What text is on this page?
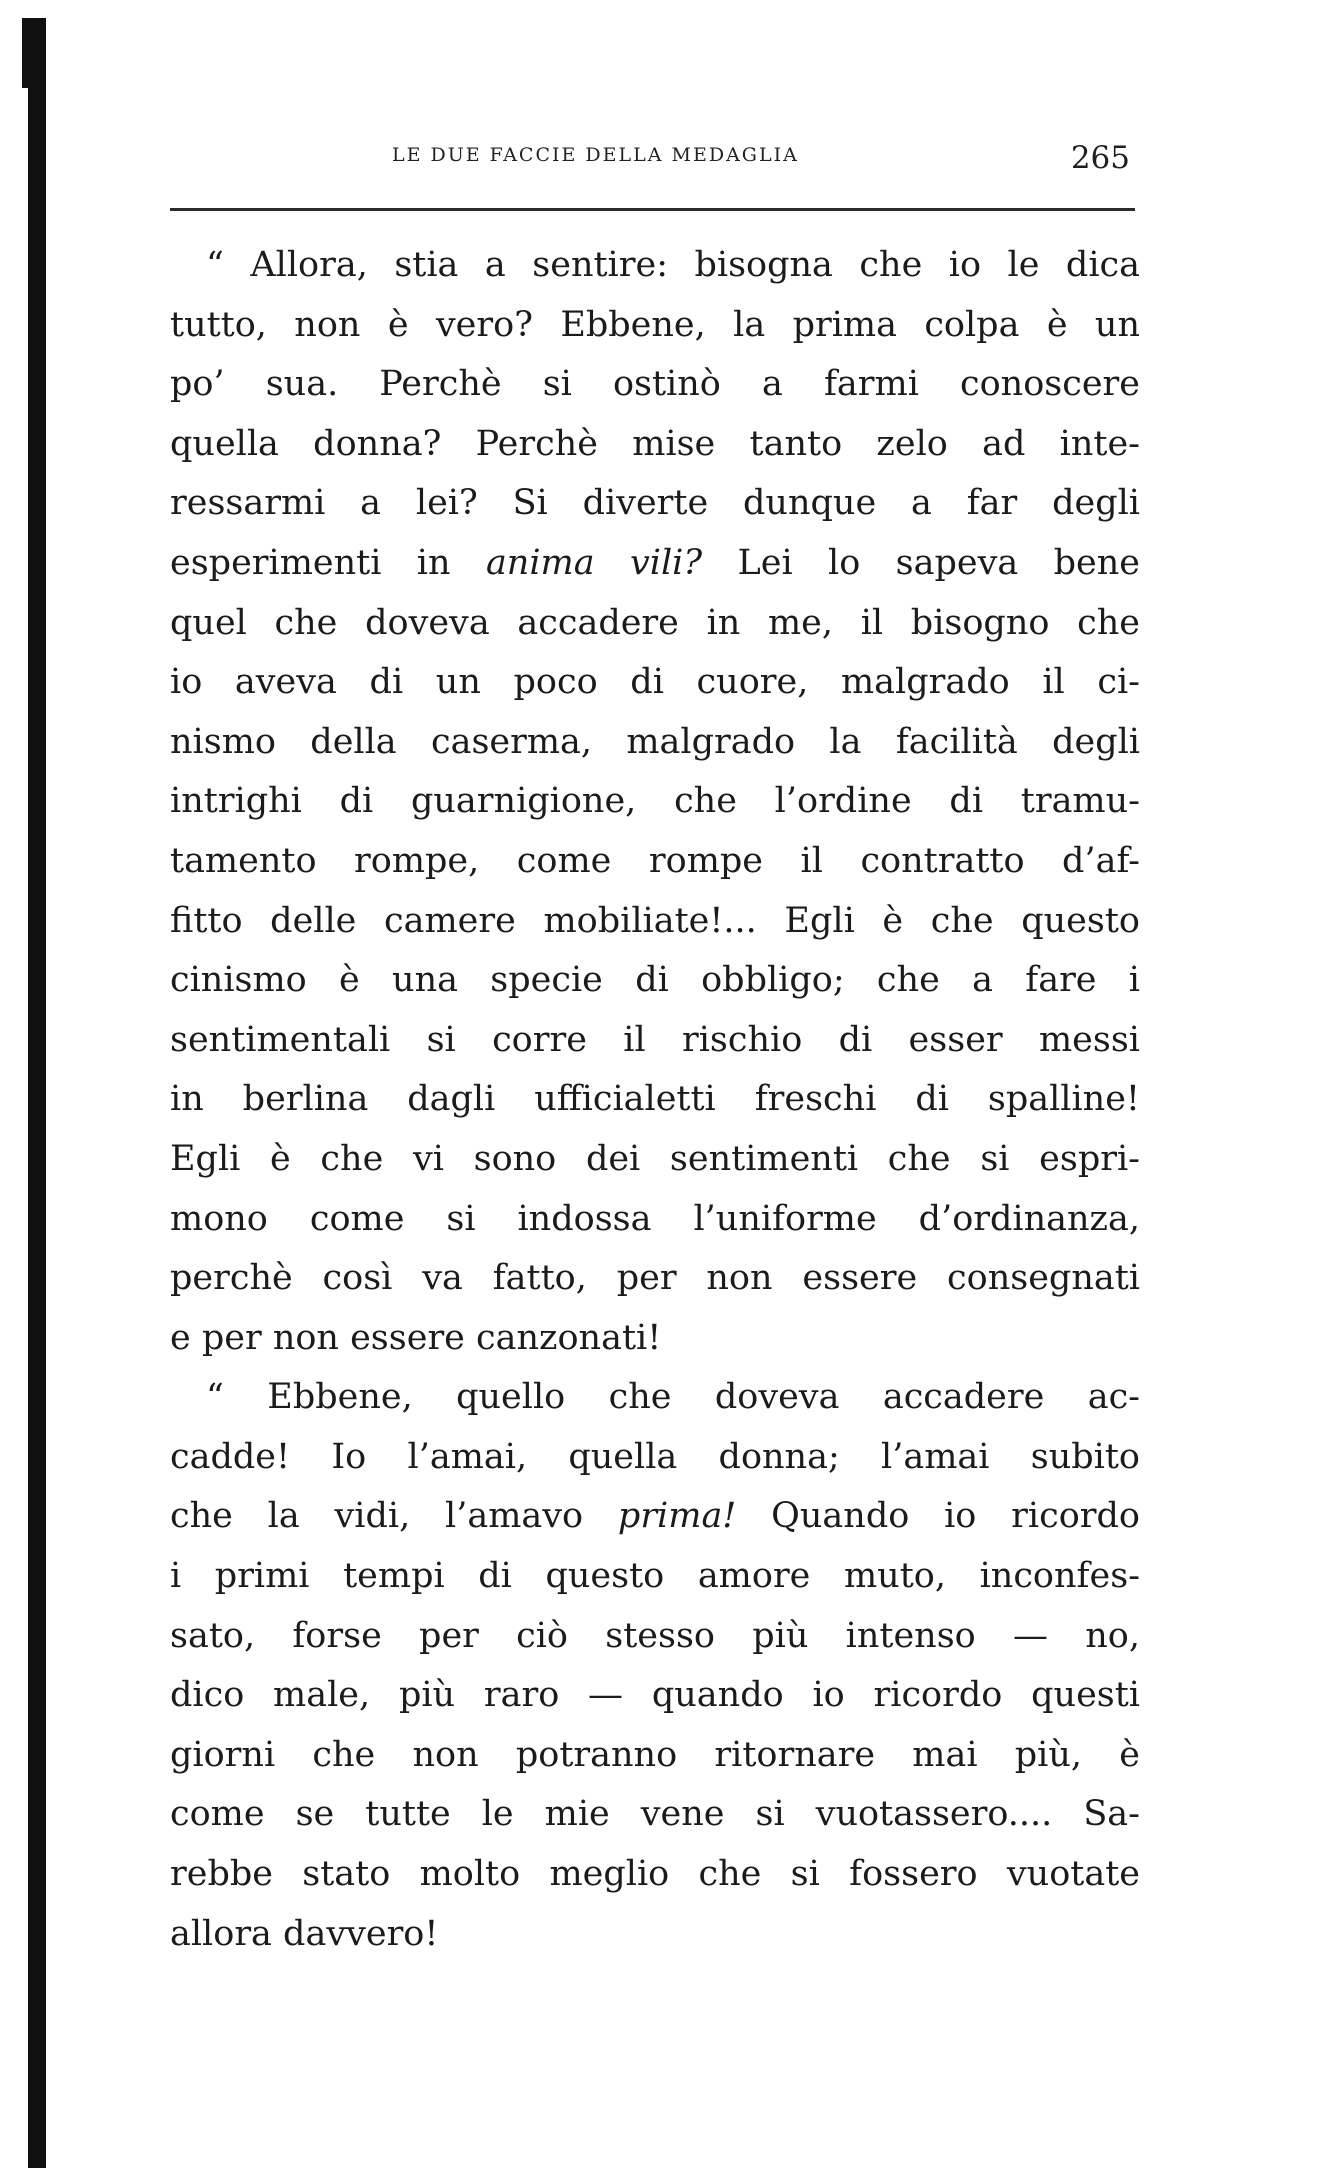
LE DUE FACCIE DELLA MEDAGLIA	265
“ Allora, stia a sentire: bisogna che io le dica
tutto, non è vero? Ebbene, la prima colpa è un
po’ sua. Perchè si ostinò a farmi conoscere
quella donna? Perchè mise tanto zelo ad inte-
ressarmi a lei? Si diverte dunque a far degli
esperimenti in anima vili? Lei lo sapeva bene
quel che doveva accadere in me, il bisogno che
io aveva di un poco di cuore, malgrado il ci-
nismo della caserma, malgrado la facilità degli
intrighi di guarnigione, che l’ordine di tramu-
tamento rompe, come rompe il contratto d’af-
fitto delle camere mobiliate!... Egli è che questo
cinismo è una specie di obbligo; che a fare i
sentimentali si corre il rischio di esser messi
in berlina dagli ufficialetti freschi di spalline!
Egli è che vi sono dei sentimenti che si espri-
mono come si indossa l’uniforme d’ordinanza,
perchè così va fatto, per non essere consegnati
e per non essere canzonati!
“ Ebbene, quello che doveva accadere ac-
cadde! Io l’amai, quella donna; l’amai subito
che la vidi, l’amavo prima! Quando io ricordo
i primi tempi di questo amore muto, inconfes-
sato, forse per ciò stesso più intenso — no,
dico male, più raro — quando io ricordo questi
giorni che non potranno ritornare mai più, è
come se tutte le mie vene si vuotassero.... Sa-
rebbe stato molto meglio che si fossero vuotate
allora davvero!
